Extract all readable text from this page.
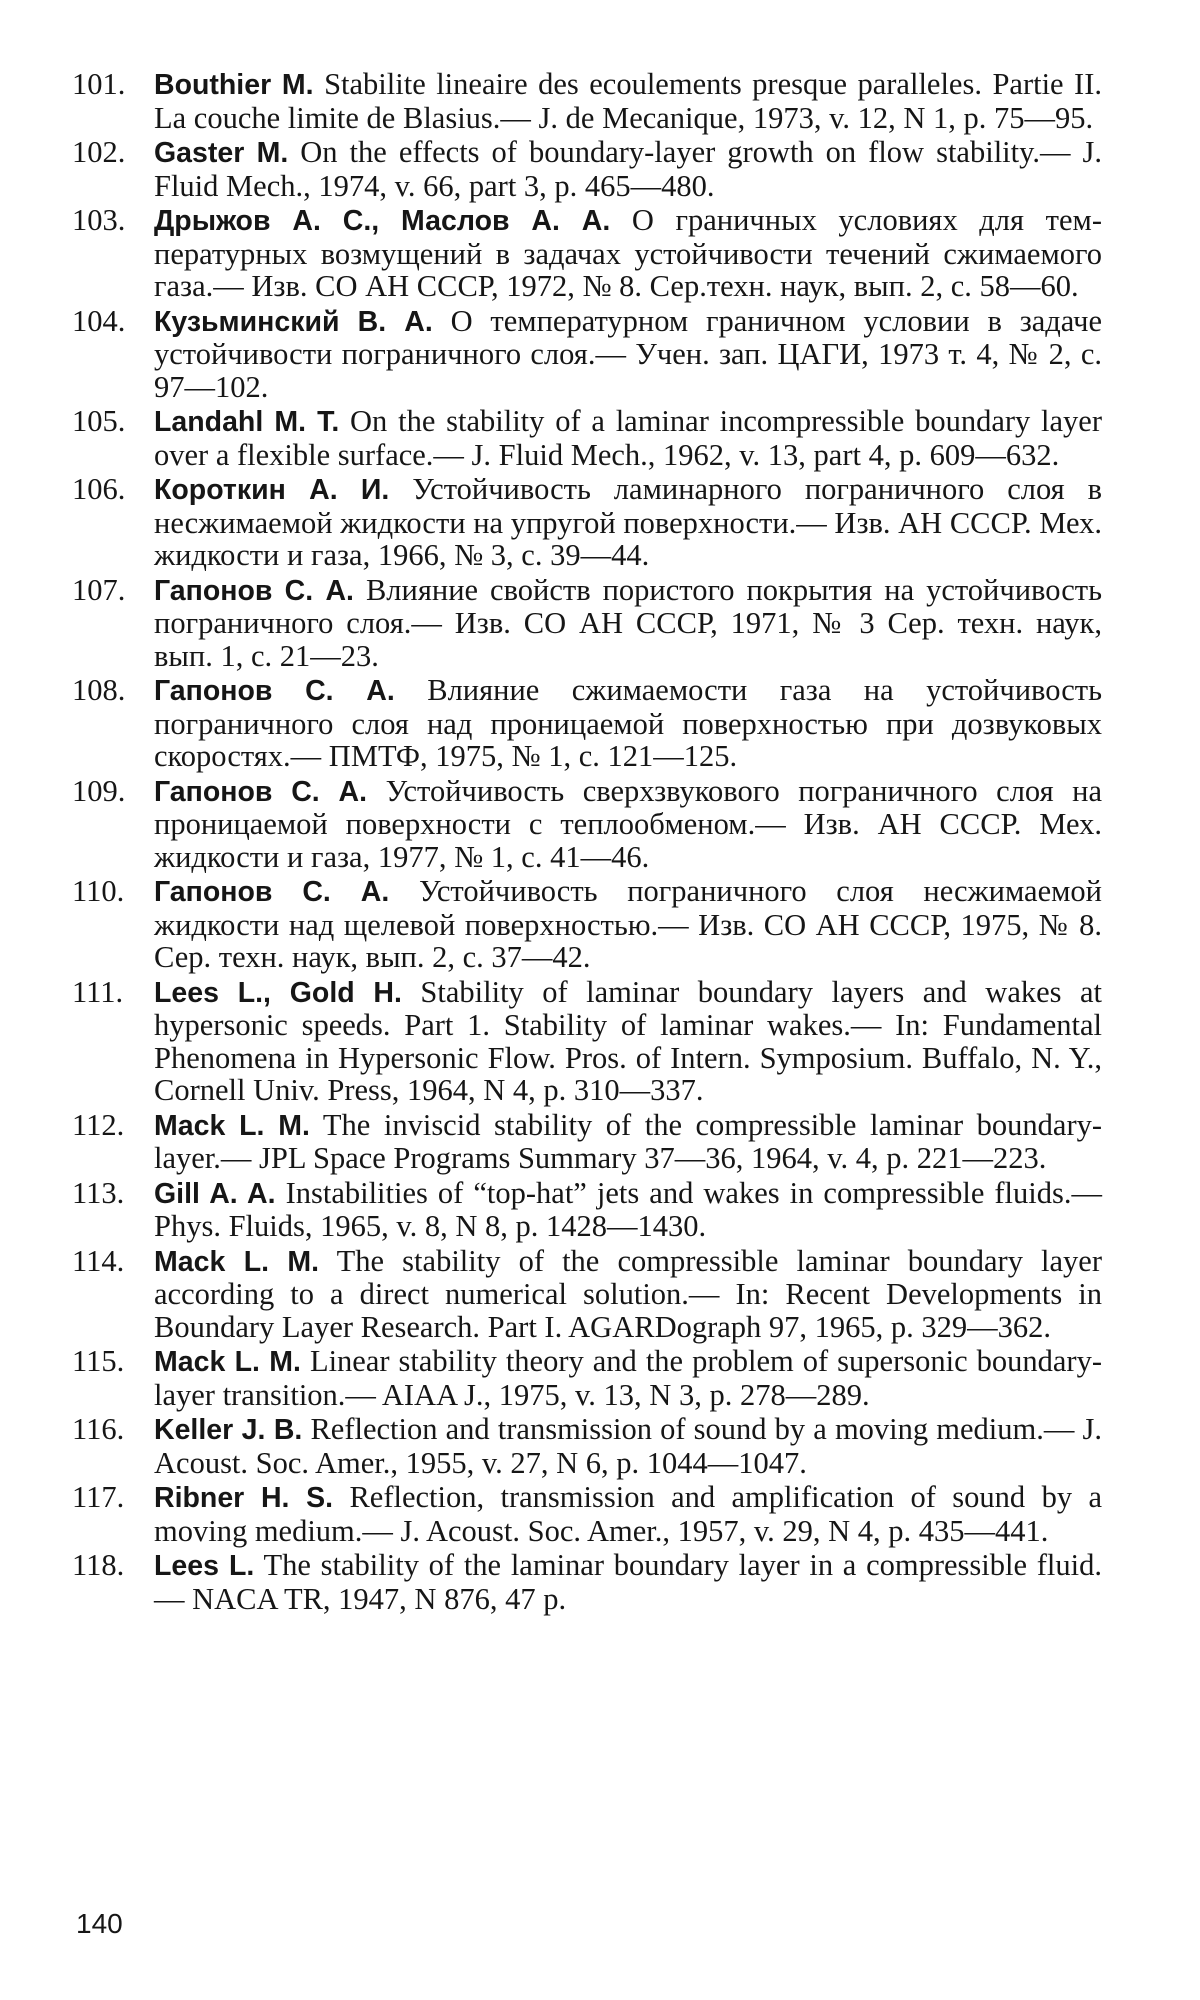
101.	Bouthier M. Stabilite lineaire des ecoulements presque paralleles. Partie II. La couche limite de Blasius.— J. de Mecanique, 1973, v. 12, N 1, p. 75—95.
102.	Gaster M. On the effects of boundary-layer growth on flow stability.— J. Fluid Mech., 1974, v. 66, part 3, p. 465—480.
103.	Дрыжов А. С., Маслов А. А. О граничных условиях для температурных возмущений в задачах устойчивости течений сжимаемого газа.— Изв. СО АН СССР, 1972, № 8. Сер.техн. наук, вып. 2, с. 58—60.
104.	Кузьминский В. А. О температурном граничном условии в задаче устойчивости пограничного слоя.— Учен. зап. ЦАГИ, 1973 т. 4, № 2, с. 97—102.
105.	Landahl M. T. On the stability of a laminar incompressible boundary layer over a flexible surface.— J. Fluid Mech., 1962, v. 13, part 4, p. 609—632.
106.	Короткин А. И. Устойчивость ламинарного пограничного слоя в несжимаемой жидкости на упругой поверхности.— Изв. АН СССР. Мех. жидкости и газа, 1966, № 3, с. 39—44.
107.	Гапонов С. А. Влияние свойств пористого покрытия на устойчивость пограничного слоя.— Изв. СО АН СССР, 1971, № 3 Сер. техн. наук, вып. 1, с. 21—23.
108.	Гапонов С. А. Влияние сжимаемости газа на устойчивость пограничного слоя над проницаемой поверхностью при дозвуковых скоростях.— ПМТФ, 1975, № 1, с. 121—125.
109.	Гапонов С. А. Устойчивость сверхзвукового пограничного слоя на проницаемой поверхности с теплообменом.— Изв. АН СССР. Мех. жидкости и газа, 1977, № 1, с. 41—46.
110.	Гапонов С. А. Устойчивость пограничного слоя несжимаемой жидкости над щелевой поверхностью.— Изв. СО АН СССР, 1975, № 8. Сер. техн. наук, вып. 2, с. 37—42.
111.	Lees L., Gold H. Stability of laminar boundary layers and wakes at hypersonic speeds. Part 1. Stability of laminar wakes.— In: Fundamental Phenomena in Hypersonic Flow. Pros. of Intern. Symposium. Buffalo, N. Y., Cornell Univ. Press, 1964, N 4, p. 310—337.
112.	Mack L. M. The inviscid stability of the compressible laminar boundary-layer.— JPL Space Programs Summary 37—36, 1964, v. 4, p. 221—223.
113.	Gill A. A. Instabilities of “top-hat” jets and wakes in compressible fluids.— Phys. Fluids, 1965, v. 8, N 8, p. 1428—1430.
114.	Mack L. M. The stability of the compressible laminar boundary layer according to a direct numerical solution.— In: Recent Developments in Boundary Layer Research. Part I. AGARDograph 97, 1965, p. 329—362.
115.	Mack L. M. Linear stability theory and the problem of supersonic boundary-layer transition.— AIAA J., 1975, v. 13, N 3, p. 278—289.
116.	Keller J. B. Reflection and transmission of sound by a moving medium.— J. Acoust. Soc. Amer., 1955, v. 27, N 6, p. 1044—1047.
117.	Ribner H. S. Reflection, transmission and amplification of sound by a moving medium.— J. Acoust. Soc. Amer., 1957, v. 29, N 4, p. 435—441.
118.	Lees L. The stability of the laminar boundary layer in a compressible fluid.— NACA TR, 1947, N 876, 47 p.
140
